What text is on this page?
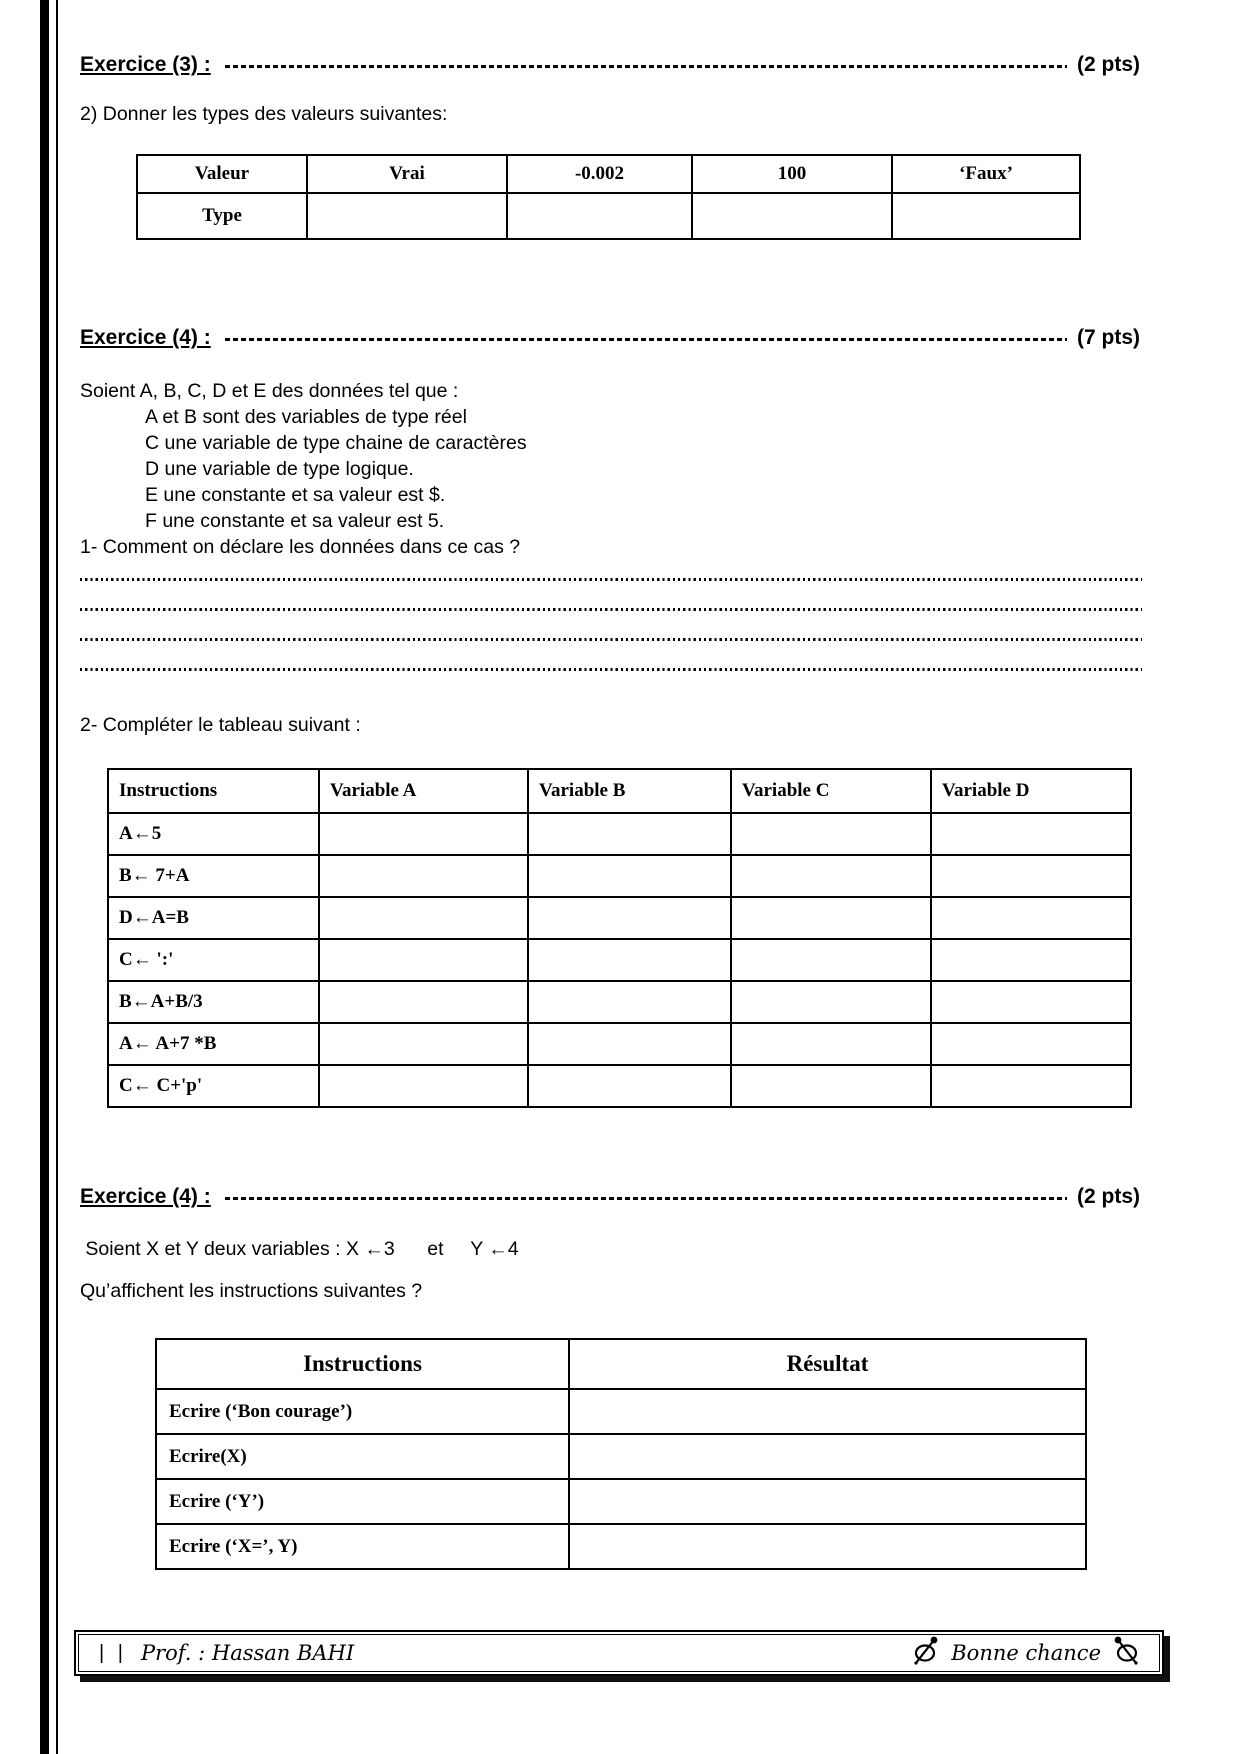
Exercice (3) :	(2 pts)

2) Donner les types des valeurs suivantes:

Valeur	Vrai	-0.002	100	‘Faux’
Type				
Exercice (4) :	(7 pts)

Soient A, B, C, D et E des données tel que :

A et B sont des variables de type réel

C une variable de type chaine de caractères

D une variable de type logique.

E une constante et sa valeur est $.

F une constante et sa valeur est 5.

1- Comment on déclare les données dans ce cas ?

2- Compléter le tableau suivant :

Instructions	Variable A	Variable B	Variable C	Variable D
A←5				
B← 7+A				
D←A=B				
C← ':'				
B←A+B/3				
A← A+7 *B				
C← C+'p'				
Exercice (4) :	(2 pts)

Soient X et Y deux variables : X ←3      et     Y ←4

Qu’affichent les instructions suivantes ?

Instructions	Résultat
Ecrire (‘Bon courage’)	
Ecrire(X)	
Ecrire (‘Y’)	
Ecrire (‘X=’, Y)	
| | Prof. : Hassan BAHI	Bonne chance
